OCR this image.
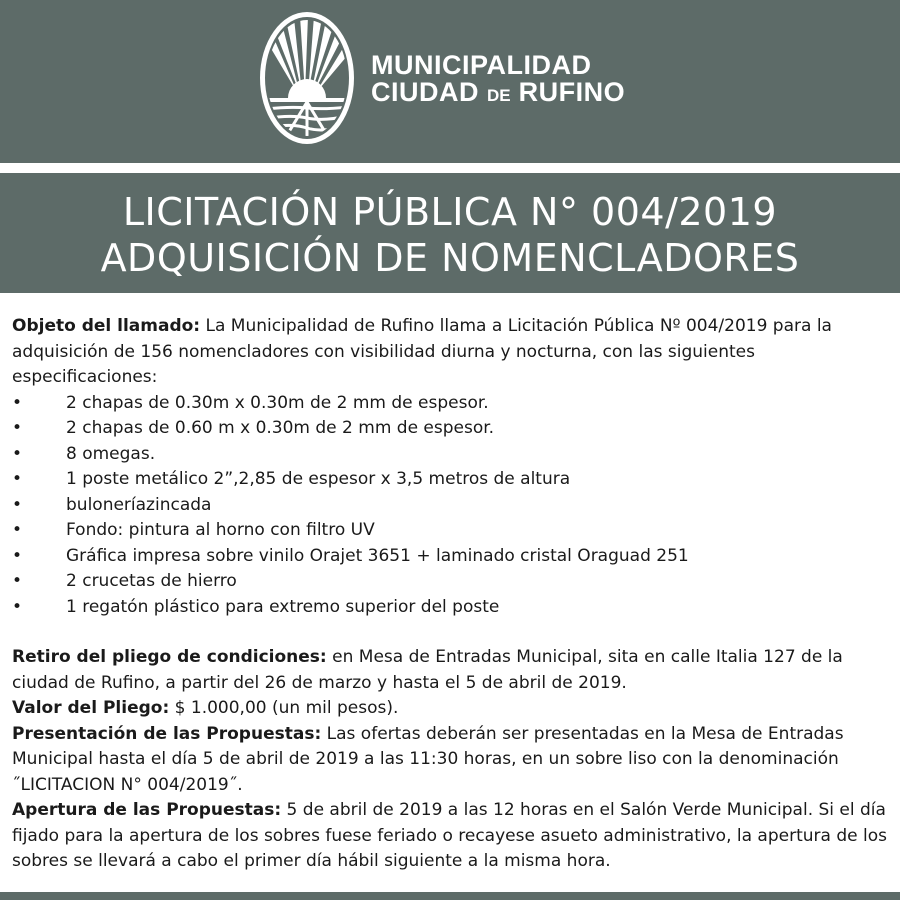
MUNICIPALIDAD
CIUDAD DE RUFINO
LICITACIÓN PÚBLICA N° 004/2019
ADQUISICIÓN DE NOMENCLADORES

Objeto del llamado: La Municipalidad de Rufino llama a Licitación Pública Nº 004/2019 para la adquisición de 156 nomencladores con visibilidad diurna y nocturna, con las siguientes especificaciones:

•	2 chapas de 0.30m x 0.30m de 2 mm de espesor.
•	2 chapas de 0.60 m x 0.30m de 2 mm de espesor.
•	8 omegas.
•	1 poste metálico 2”,2,85 de espesor x 3,5 metros de altura
•	buloneríazincada
•	Fondo: pintura al horno con filtro UV
•	Gráfica impresa sobre vinilo Orajet 3651 + laminado cristal Oraguad 251
•	2 crucetas de hierro
•	1 regatón plástico para extremo superior del poste

Retiro del pliego de condiciones: en Mesa de Entradas Municipal, sita en calle Italia 127 de la ciudad de Rufino, a partir del 26 de marzo y hasta el 5 de abril de 2019.

Valor del Pliego: $ 1.000,00 (un mil pesos).

Presentación de las Propuestas: Las ofertas deberán ser presentadas en la Mesa de Entradas Municipal hasta el día 5 de abril de 2019 a las 11:30 horas, en un sobre liso con la denominación ˝LICITACION N° 004/2019˝.

Apertura de las Propuestas: 5 de abril de 2019 a las 12 horas en el Salón Verde Municipal. Si el día fijado para la apertura de los sobres fuese feriado o recayese asueto administrativo, la apertura de los sobres se llevará a cabo el primer día hábil siguiente a la misma hora.
